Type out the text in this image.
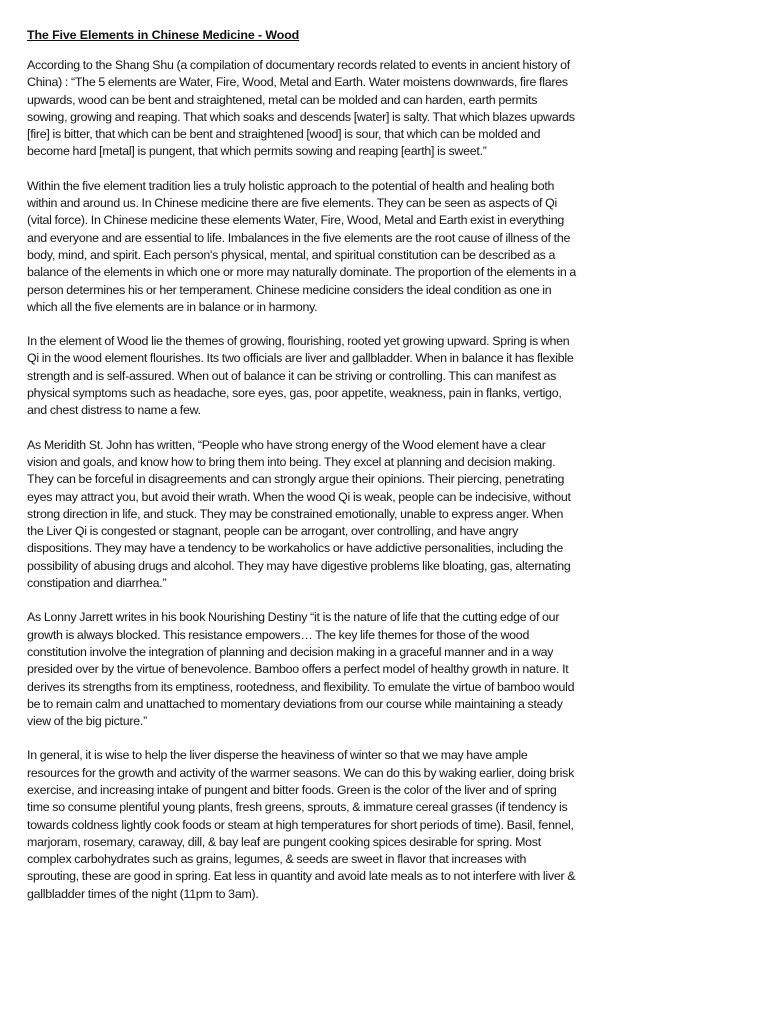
The Five Elements in Chinese Medicine - Wood

According to the Shang Shu (a compilation of documentary records related to events in ancient history of China) : “The 5 elements are Water, Fire, Wood, Metal and Earth. Water moistens downwards, fire flares upwards, wood can be bent and straightened, metal can be molded and can harden, earth permits sowing, growing and reaping. That which soaks and descends [water] is salty. That which blazes upwards [fire] is bitter, that which can be bent and straightened [wood] is sour, that which can be molded and become hard [metal] is pungent, that which permits sowing and reaping [earth] is sweet.”

Within the five element tradition lies a truly holistic approach to the potential of health and healing both within and around us. In Chinese medicine there are five elements. They can be seen as aspects of Qi (vital force). In Chinese medicine these elements Water, Fire, Wood, Metal and Earth exist in everything and everyone and are essential to life. Imbalances in the five elements are the root cause of illness of the body, mind, and spirit. Each person's physical, mental, and spiritual constitution can be described as a balance of the elements in which one or more may naturally dominate. The proportion of the elements in a person determines his or her temperament. Chinese medicine considers the ideal condition as one in which all the five elements are in balance or in harmony.

In the element of Wood lie the themes of growing, flourishing, rooted yet growing upward. Spring is when Qi in the wood element flourishes. Its two officials are liver and gallbladder. When in balance it has flexible strength and is self-assured. When out of balance it can be striving or controlling. This can manifest as physical symptoms such as headache, sore eyes, gas, poor appetite, weakness, pain in flanks, vertigo, and chest distress to name a few.

As Meridith St. John has written, “People who have strong energy of the Wood element have a clear vision and goals, and know how to bring them into being. They excel at planning and decision making. They can be forceful in disagreements and can strongly argue their opinions. Their piercing, penetrating eyes may attract you, but avoid their wrath. When the wood Qi is weak, people can be indecisive, without strong direction in life, and stuck. They may be constrained emotionally, unable to express anger. When the Liver Qi is congested or stagnant, people can be arrogant, over controlling, and have angry dispositions. They may have a tendency to be workaholics or have addictive personalities, including the possibility of abusing drugs and alcohol. They may have digestive problems like bloating, gas, alternating constipation and diarrhea.”

As Lonny Jarrett writes in his book Nourishing Destiny “it is the nature of life that the cutting edge of our growth is always blocked. This resistance empowers… The key life themes for those of the wood constitution involve the integration of planning and decision making in a graceful manner and in a way presided over by the virtue of benevolence. Bamboo offers a perfect model of healthy growth in nature. It derives its strengths from its emptiness, rootedness, and flexibility. To emulate the virtue of bamboo would be to remain calm and unattached to momentary deviations from our course while maintaining a steady view of the big picture.”

In general, it is wise to help the liver disperse the heaviness of winter so that we may have ample resources for the growth and activity of the warmer seasons. We can do this by waking earlier, doing brisk exercise, and increasing intake of pungent and bitter foods. Green is the color of the liver and of spring time so consume plentiful young plants, fresh greens, sprouts, & immature cereal grasses (if tendency is towards coldness lightly cook foods or steam at high temperatures for short periods of time). Basil, fennel, marjoram, rosemary, caraway, dill, & bay leaf are pungent cooking spices desirable for spring. Most complex carbohydrates such as grains, legumes, & seeds are sweet in flavor that increases with sprouting, these are good in spring. Eat less in quantity and avoid late meals as to not interfere with liver & gallbladder times of the night (11pm to 3am).
